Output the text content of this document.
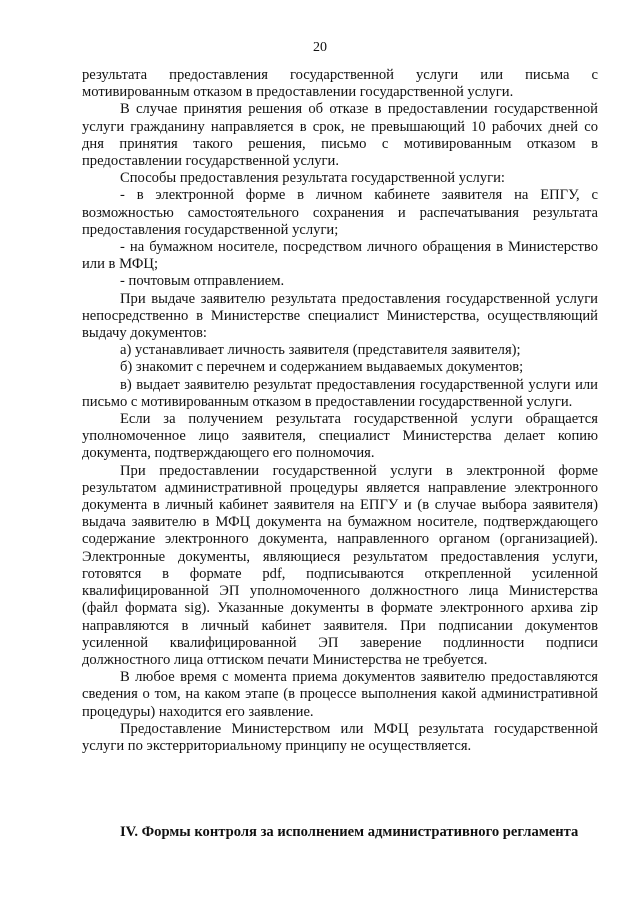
20

результата предоставления государственной услуги или письма с мотивированным отказом в предоставлении государственной услуги.

В случае принятия решения об отказе в предоставлении государственной услуги гражданину направляется в срок, не превышающий 10 рабочих дней со дня принятия такого решения, письмо с мотивированным отказом в предоставлении государственной услуги.

Способы предоставления результата государственной услуги:

- в электронной форме в личном кабинете заявителя на ЕПГУ, с возможностью самостоятельного сохранения и распечатывания результата предоставления государственной услуги;

- на бумажном носителе, посредством личного обращения в Министерство или в МФЦ;

- почтовым отправлением.

При выдаче заявителю результата предоставления государственной услуги непосредственно в Министерстве специалист Министерства, осуществляющий выдачу документов:

а) устанавливает личность заявителя (представителя заявителя);

б) знакомит с перечнем и содержанием выдаваемых документов;

в) выдает заявителю результат предоставления государственной услуги или письмо с мотивированным отказом в предоставлении государственной услуги.

Если за получением результата государственной услуги обращается уполномоченное лицо заявителя, специалист Министерства делает копию документа, подтверждающего его полномочия.

При предоставлении государственной услуги в электронной форме результатом административной процедуры является направление электронного документа в личный кабинет заявителя на ЕПГУ и (в случае выбора заявителя) выдача заявителю в МФЦ документа на бумажном носителе, подтверждающего содержание электронного документа, направленного органом (организацией). Электронные документы, являющиеся результатом предоставления услуги, готовятся в формате pdf, подписываются открепленной усиленной квалифицированной ЭП уполномоченного должностного лица Министерства (файл формата sig). Указанные документы в формате электронного архива zip направляются в личный кабинет заявителя. При подписании документов усиленной квалифицированной ЭП заверение подлинности подписи должностного лица оттиском печати Министерства не требуется.

В любое время с момента приема документов заявителю предоставляются сведения о том, на каком этапе (в процессе выполнения какой административной процедуры) находится его заявление.

Предоставление Министерством или МФЦ результата государственной услуги по экстерриториальному принципу не осуществляется.

IV. Формы контроля за исполнением административного регламента
